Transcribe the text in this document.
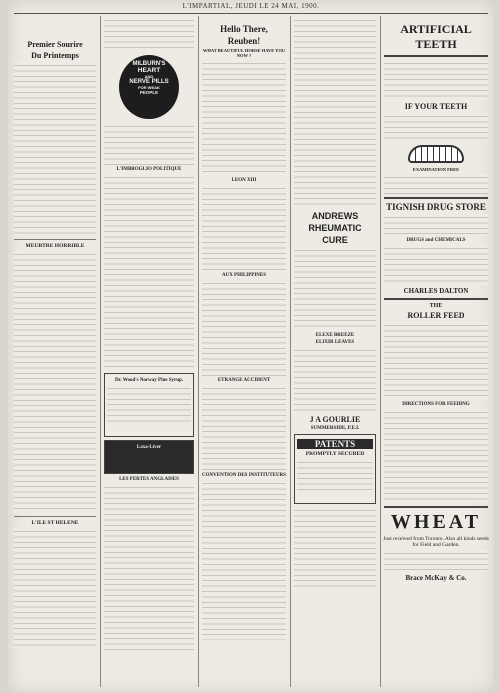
L'IMPARTIAL, JEUDI LE 24 MAI, 1900.
Premier Sourire
Du Printemps
MEURTRE HORRIBLE
L'ILE ST HELENE
MILBURN'S
HEART
AND
NERVE PILLS
FOR WEAK
PEOPLE
L'IMBROGLIO POLITIQUE
Dr. Wood's Norway Pine Syrup.
Laxa-Liver
LES PERTES ANGLAISES
Hello There,
Reuben!
WHAT BEAUTIFUL HORSE HAVE YOU NOW ?
LEON XIII
AUX PHILIPPINES
ETRANGE ACCIDENT
CONVENTION DES INSTITUTEURS
ANDREWS
RHEUMATIC
CURE
ELEXE BREEZE
ELIXIR LEAVES
J A GOURLIE
SUMMERSIDE, P.E.I.
PATENTS
PROMPTLY SECURED
ARTIFICIAL TEETH
IF YOUR TEETH
EXAMINATION FREE
TIGNISH DRUG STORE
DRUGS and CHEMICALS
CHARLES DALTON
THE
ROLLER FEED
DIRECTIONS FOR FEEDING
WHEAT
Just received from Toronto. Also all kinds seeds for Field and Garden.
Brace McKay & Co.
